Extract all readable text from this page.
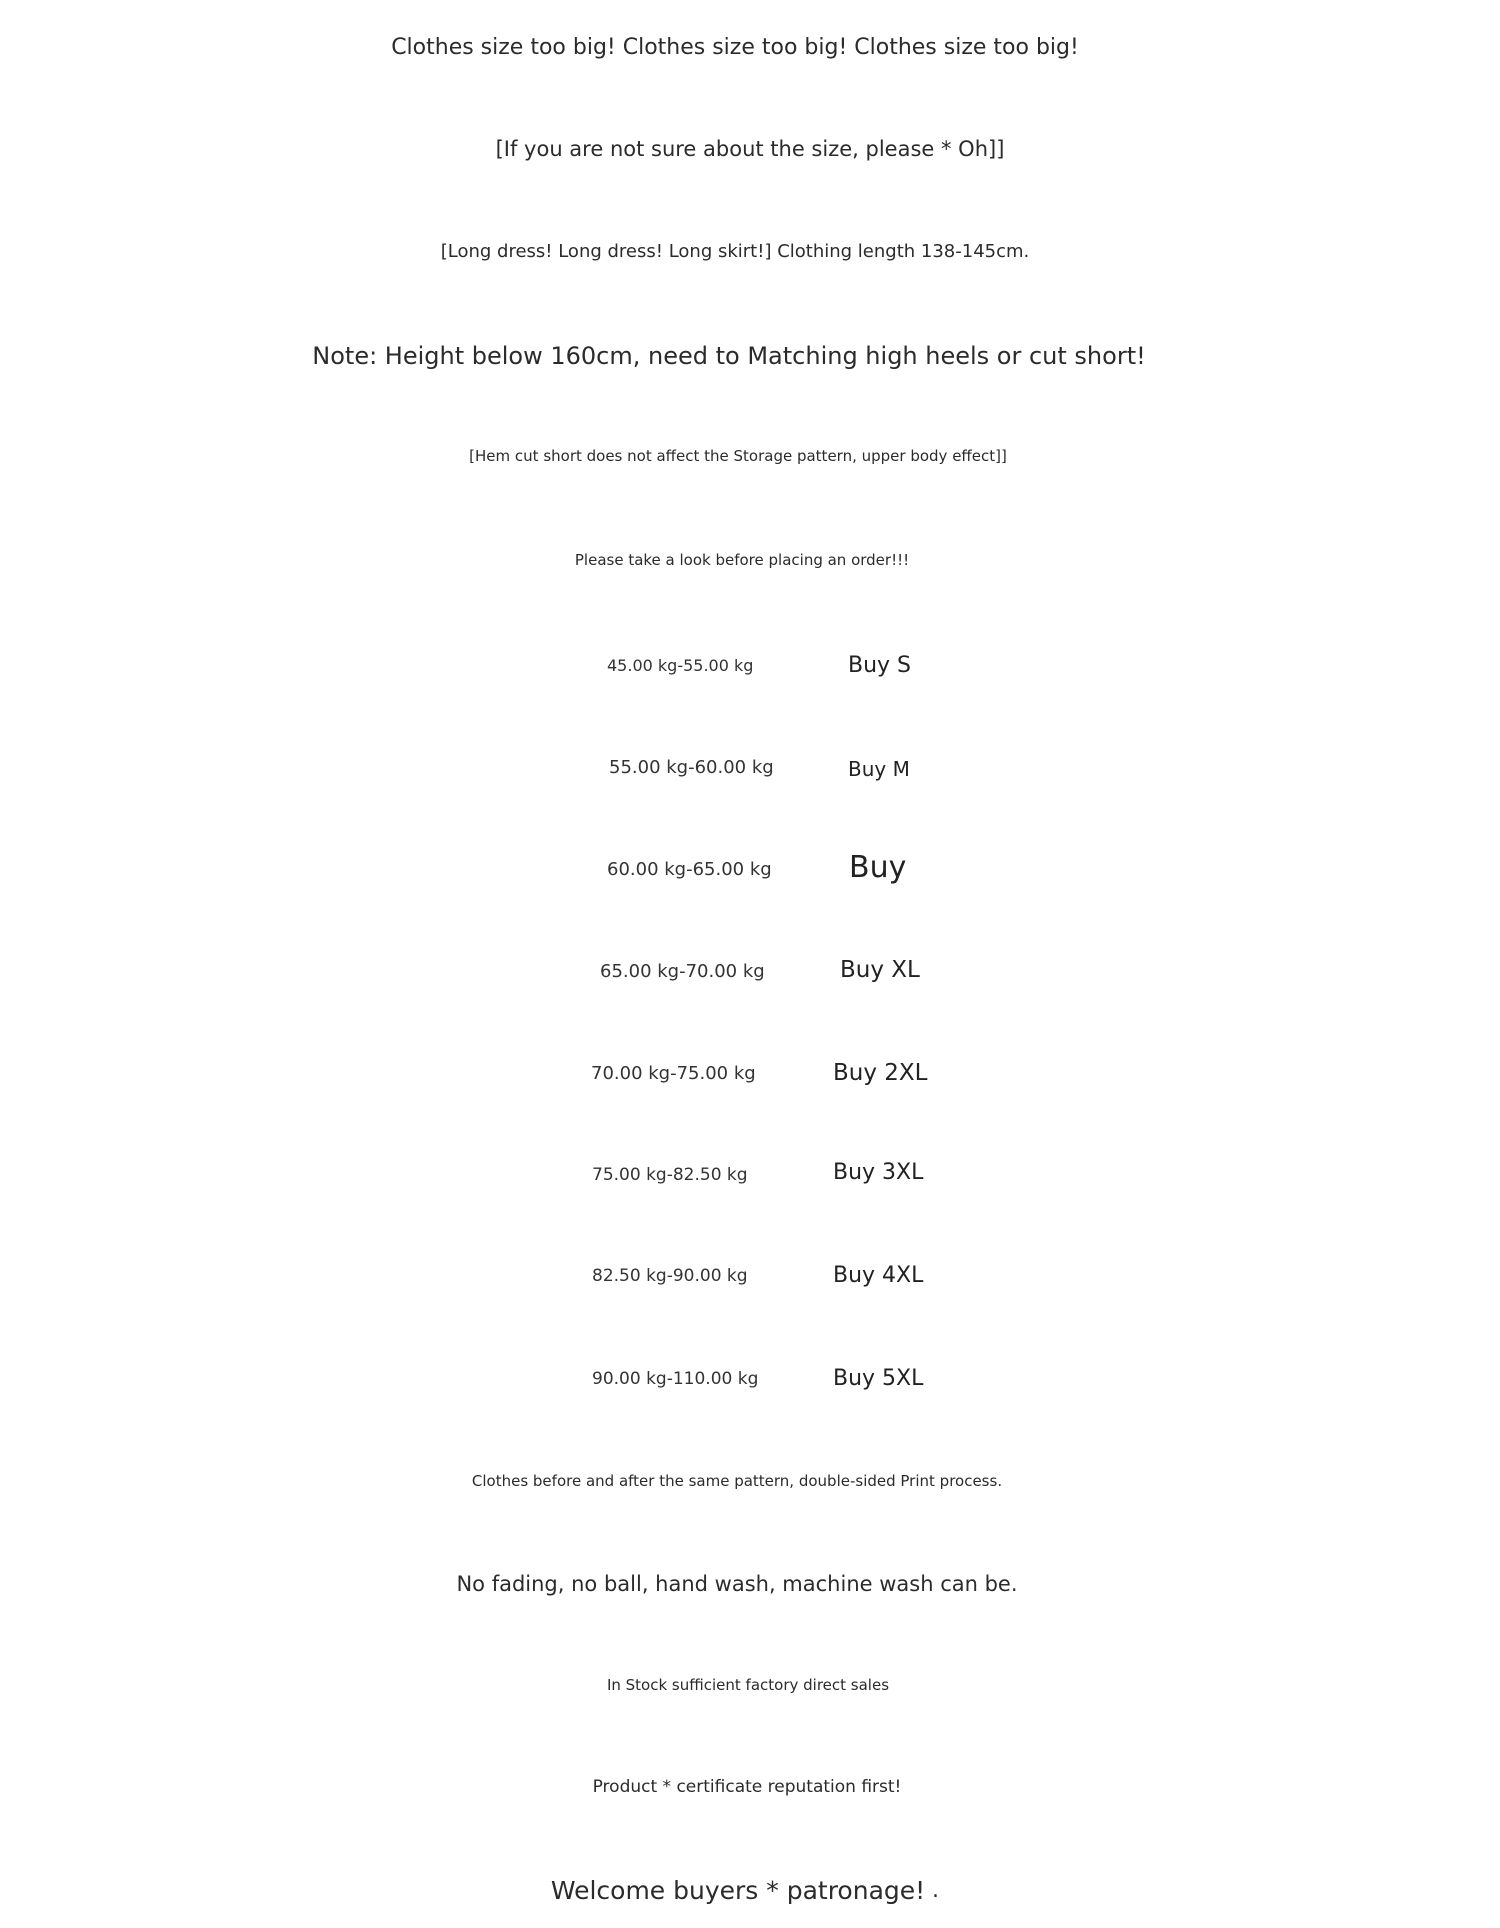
Clothes size too big! Clothes size too big! Clothes size too big!
[If you are not sure about the size, please * Oh]]
[Long dress! Long dress! Long skirt!] Clothing length 138-145cm.
Note: Height below 160cm, need to Matching high heels or cut short!
[Hem cut short does not affect the Storage pattern, upper body effect]]
Please take a look before placing an order!!!
45.00 kg-55.00 kg	Buy S
55.00 kg-60.00 kg	Buy M
60.00 kg-65.00 kg	Buy
65.00 kg-70.00 kg	Buy XL
70.00 kg-75.00 kg	Buy 2XL
75.00 kg-82.50 kg	Buy 3XL
82.50 kg-90.00 kg	Buy 4XL
90.00 kg-110.00 kg	Buy 5XL
Clothes before and after the same pattern, double-sided Print process.
No fading, no ball, hand wash, machine wash can be.
In Stock sufficient factory direct sales
Product * certificate reputation first!
Welcome buyers * patronage! .
